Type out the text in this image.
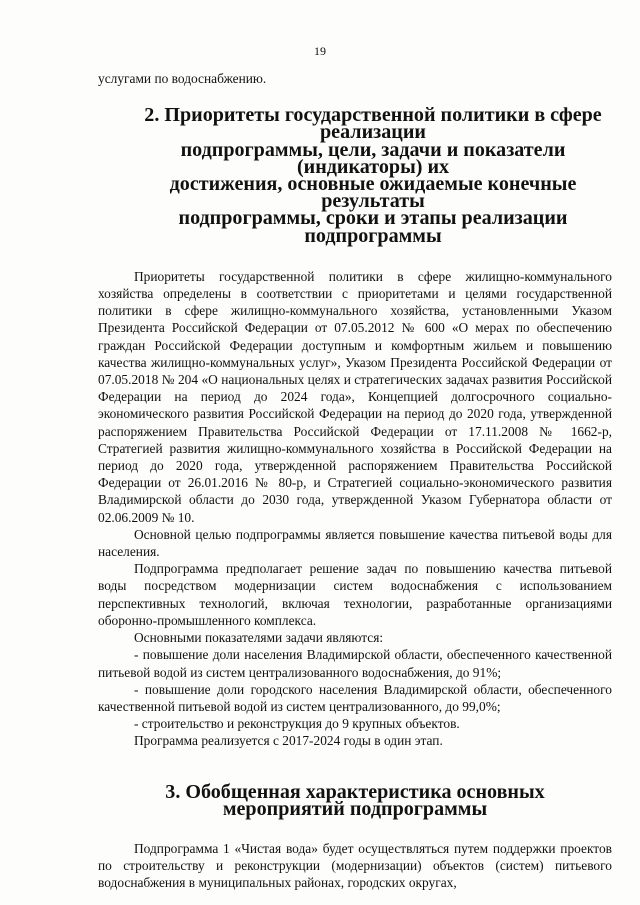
19

услугами по водоснабжению.

2. Приоритеты государственной политики в сфере реализации
подпрограммы, цели, задачи и показатели (индикаторы) их
достижения, основные ожидаемые конечные результаты
подпрограммы, сроки и этапы реализации подпрограммы

Приоритеты государственной политики в сфере жилищно-коммунального хозяйства определены в соответствии с приоритетами и целями государственной политики в сфере жилищно-коммунального хозяйства, установленными Указом Президента Российской Федерации от 07.05.2012 № 600 «О мерах по обеспечению граждан Российской Федерации доступным и комфортным жильем и повышению качества жилищно-коммунальных услуг», Указом Президента Российской Федерации от 07.05.2018 № 204 «О национальных целях и стратегических задачах развития Российской Федерации на период до 2024 года», Концепцией долгосрочного социально-экономического развития Российской Федерации на период до 2020 года, утвержденной распоряжением Правительства Российской Федерации от 17.11.2008 № 1662-р, Стратегией развития жилищно-коммунального хозяйства в Российской Федерации на период до 2020 года, утвержденной распоряжением Правительства Российской Федерации от 26.01.2016 № 80-р, и Стратегией социально-экономического развития Владимирской области до 2030 года, утвержденной Указом Губернатора области от 02.06.2009 № 10.

Основной целью подпрограммы является повышение качества питьевой воды для населения.

Подпрограмма предполагает решение задач по повышению качества питьевой воды посредством модернизации систем водоснабжения с использованием перспективных технологий, включая технологии, разработанные организациями оборонно-промышленного комплекса.

Основными показателями задачи являются:

- повышение доли населения Владимирской области, обеспеченного качественной питьевой водой из систем централизованного водоснабжения, до 91%;
- повышение доли городского населения Владимирской области, обеспеченного качественной питьевой водой из систем централизованного, до 99,0%;
- строительство и реконструкция до 9 крупных объектов.

Программа реализуется с 2017-2024 годы в один этап.

3. Обобщенная характеристика основных
мероприятий подпрограммы

Подпрограмма 1 «Чистая вода» будет осуществляться путем поддержки проектов по строительству и реконструкции (модернизации) объектов (систем) питьевого водоснабжения в муниципальных районах, городских округах,
